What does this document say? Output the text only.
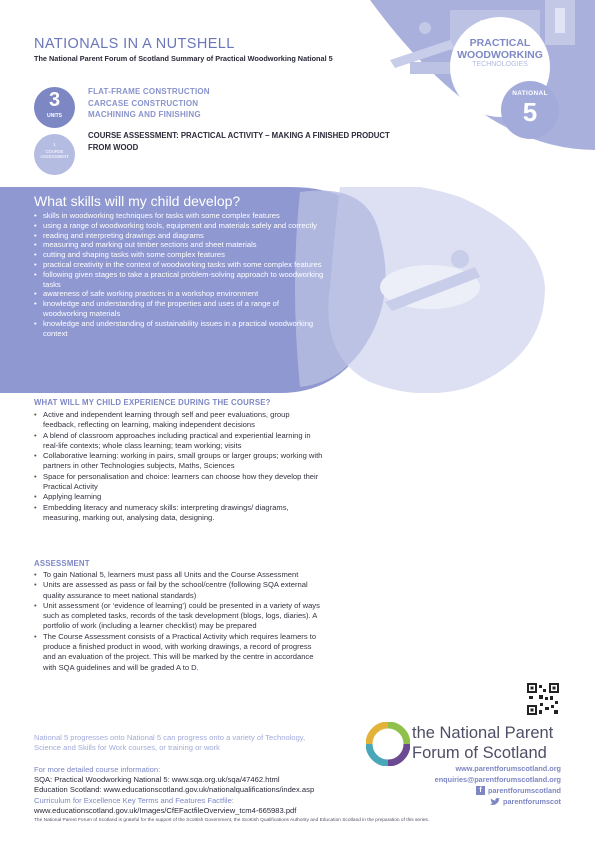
NATIONALS IN A NUTSHELL
The National Parent Forum of Scotland Summary of Practical Woodworking National 5
PRACTICAL
WOODWORKING
TECHNOLOGIES
NATIONAL
5
3
UNITS
FLAT-FRAME CONSTRUCTION
CARCASE CONSTRUCTION
MACHINING AND FINISHING
1
COURSE
ASSESSMENT
COURSE ASSESSMENT: PRACTICAL ACTIVITY – MAKING A FINISHED PRODUCT FROM WOOD
What skills will my child develop?
• skills in woodworking techniques for tasks with some complex features
• using a range of woodworking tools, equipment and materials safely and correctly
• reading and interpreting drawings and diagrams
• measuring and marking out timber sections and sheet materials
• cutting and shaping tasks with some complex features
• practical creativity in the context of woodworking tasks with some complex features
• following given stages to take a practical problem-solving approach to woodworking tasks
• awareness of safe working practices in a workshop environment
• knowledge and understanding of the properties and uses of a range of woodworking materials
• knowledge and understanding of sustainability issues in a practical woodworking context
WHAT WILL MY CHILD EXPERIENCE DURING THE COURSE?
• Active and independent learning through self and peer evaluations, group feedback, reflecting on learning, making independent decisions
• A blend of classroom approaches including practical and experiential learning in real-life contexts; whole class learning; team working; visits
• Collaborative learning: working in pairs, small groups or larger groups; working with partners in other Technologies subjects, Maths, Sciences
• Space for personalisation and choice: learners can choose how they develop their Practical Activity
• Applying learning
• Embedding literacy and numeracy skills: interpreting drawings/ diagrams, measuring, marking out, analysing data, designing.
ASSESSMENT
• To gain National 5, learners must pass all Units and the Course Assessment
• Units are assessed as pass or fail by the school/centre (following SQA external quality assurance to meet national standards)
• Unit assessment (or ‘evidence of learning’) could be presented in a variety of ways such as completed tasks, records of the task development (blogs, logs, diaries). A portfolio of work (including a learner checklist) may be prepared
• The Course Assessment consists of a Practical Activity which requires learners to produce a finished product in wood, with working drawings, a record of progress and an evaluation of the project. This will be marked by the centre in accordance with SQA guidelines and will be graded A to D.
National 5 progresses onto National 5 can progress onto a variety of Technology, Science and Skills for Work courses, or training or work
For more detailed course information:
SQA: Practical Woodworking National 5: www.sqa.org.uk/sqa/47462.html
Education Scotland: www.educationscotland.gov.uk/nationalqualifications/index.asp
Curriculum for Excellence Key Terms and Features Factfile:
www.educationscotland.gov.uk/Images/CfEFactfileOverview_tcm4-665983.pdf
the National Parent
Forum of Scotland
www.parentforumscotland.org
enquiries@parentforumscotland.org
f parentforumscotland
parentforumscot
The National Parent Forum of Scotland is grateful for the support of the Scottish Government, the Scottish Qualifications Authority and Education Scotland in the preparation of this series.
